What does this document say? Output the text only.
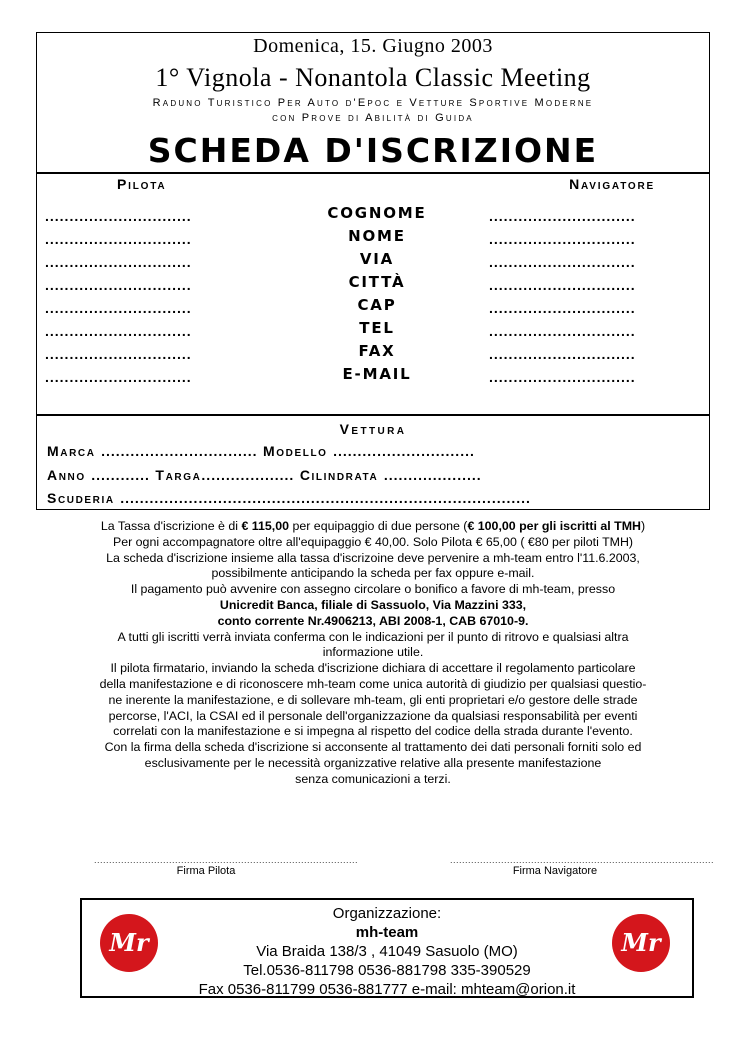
Domenica, 15. Giugno 2003
1° Vignola - Nonantola Classic Meeting
Raduno Turistico Per Auto d'Epoc e Vetture Sportive Moderne
con Prove di Abilità di Guida
SCHEDA D'ISCRIZIONE
Pilota	Navigatore
..............................	COGNOME	..............................
..............................	NOME	..............................
..............................	VIA	..............................
..............................	CITTÀ	..............................
..............................	CAP	..............................
..............................	TEL	..............................
..............................	FAX	..............................
..............................	E-MAIL	..............................
Vettura
Marca ................................ Modello .............................
Anno ............ Targa................... Cilindrata ....................
Scuderia ....................................................................................

La Tassa d'iscrizione è di € 115,00 per equipaggio di due persone (€ 100,00 per gli iscritti al TMH)

Per ogni accompagnatore oltre all'equipaggio € 40,00. Solo Pilota € 65,00 ( €80 per piloti TMH)

La scheda d'iscrizione insieme alla tassa d'iscrizoine deve pervenire a mh-team entro l'11.6.2003,

possibilmente anticipando la scheda per fax oppure e-mail.

Il pagamento può avvenire con assegno circolare o bonifico a favore di mh-team, presso

Unicredit Banca, filiale di Sassuolo, Via Mazzini 333,

conto corrente Nr.4906213, ABI 2008-1, CAB 67010-9.

A tutti gli iscritti verrà inviata conferma con le indicazioni per il punto di ritrovo e qualsiasi altra

informazione utile.

Il pilota firmatario, inviando la scheda d'iscrizione dichiara di accettare il regolamento particolare

della manifestazione e di riconoscere mh-team come unica autorità di giudizio per qualsiasi questio-

ne inerente la manifestazione, e di sollevare mh-team, gli enti proprietari e/o gestore delle strade

percorse, l'ACI, la CSAI ed il personale dell'organizzazione da qualsiasi responsabilità per eventi

correlati con la manifestazione e si impegna al rispetto del codice della strada durante l'evento.

Con la firma della scheda d'iscrizione si acconsente al trattamento dei dati personali forniti solo ed

esclusivamente per le necessità organizzative relative alla presente manifestazione

senza comunicazioni a terzi.

........................................................................................
Firma Pilota
........................................................................................
Firma Navigatore
Mr	Mr
Organizzazione:
mh-team
Via Braida 138/3 , 41049 Sasuolo (MO)
Tel.0536-811798 0536-881798 335-390529
Fax 0536-811799 0536-881777 e-mail: mhteam@orion.it
